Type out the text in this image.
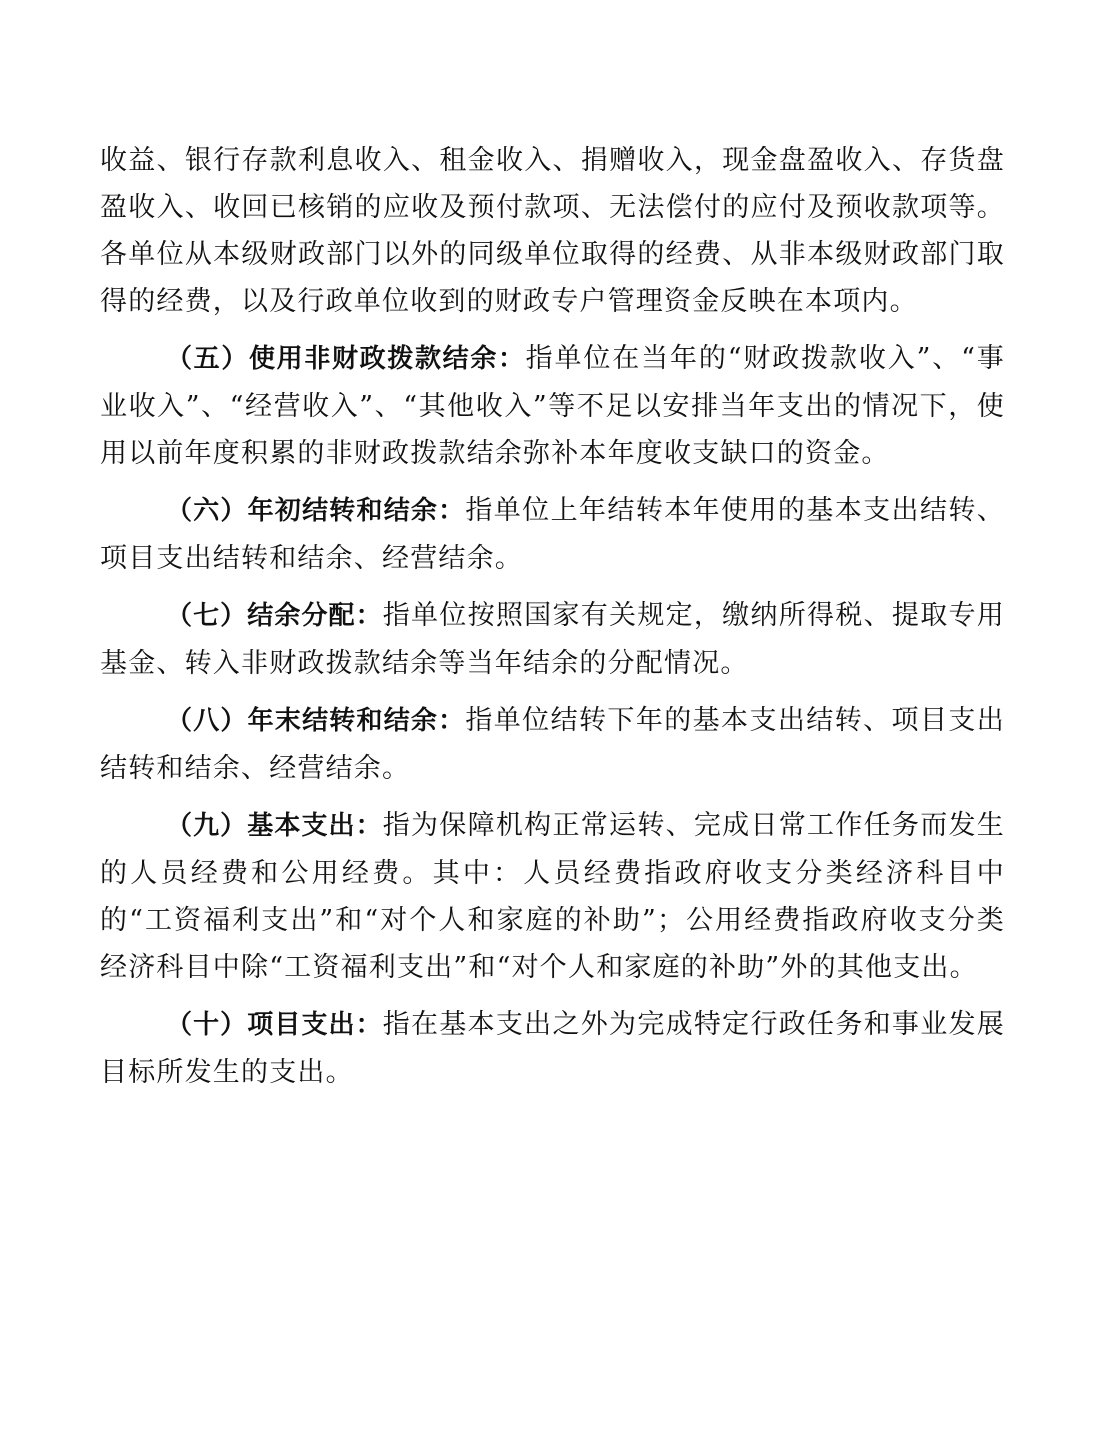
收益、银行存款利息收入、租金收入、捐赠收入，现金盘盈收入、存货盘盈收入、收回已核销的应收及预付款项、无法偿付的应付及预收款项等。各单位从本级财政部门以外的同级单位取得的经费、从非本级财政部门取得的经费，以及行政单位收到的财政专户管理资金反映在本项内。

（五）使用非财政拨款结余：指单位在当年的“财政拨款收入”、“事业收入”、“经营收入”、“其他收入”等不足以安排当年支出的情况下，使用以前年度积累的非财政拨款结余弥补本年度收支缺口的资金。

（六）年初结转和结余：指单位上年结转本年使用的基本支出结转、项目支出结转和结余、经营结余。

（七）结余分配：指单位按照国家有关规定，缴纳所得税、提取专用基金、转入非财政拨款结余等当年结余的分配情况。

（八）年末结转和结余：指单位结转下年的基本支出结转、项目支出结转和结余、经营结余。

（九）基本支出：指为保障机构正常运转、完成日常工作任务而发生的人员经费和公用经费。其中：人员经费指政府收支分类经济科目中的“工资福利支出”和“对个人和家庭的补助”；公用经费指政府收支分类经济科目中除“工资福利支出”和“对个人和家庭的补助”外的其他支出。

（十）项目支出：指在基本支出之外为完成特定行政任务和事业发展目标所发生的支出。
